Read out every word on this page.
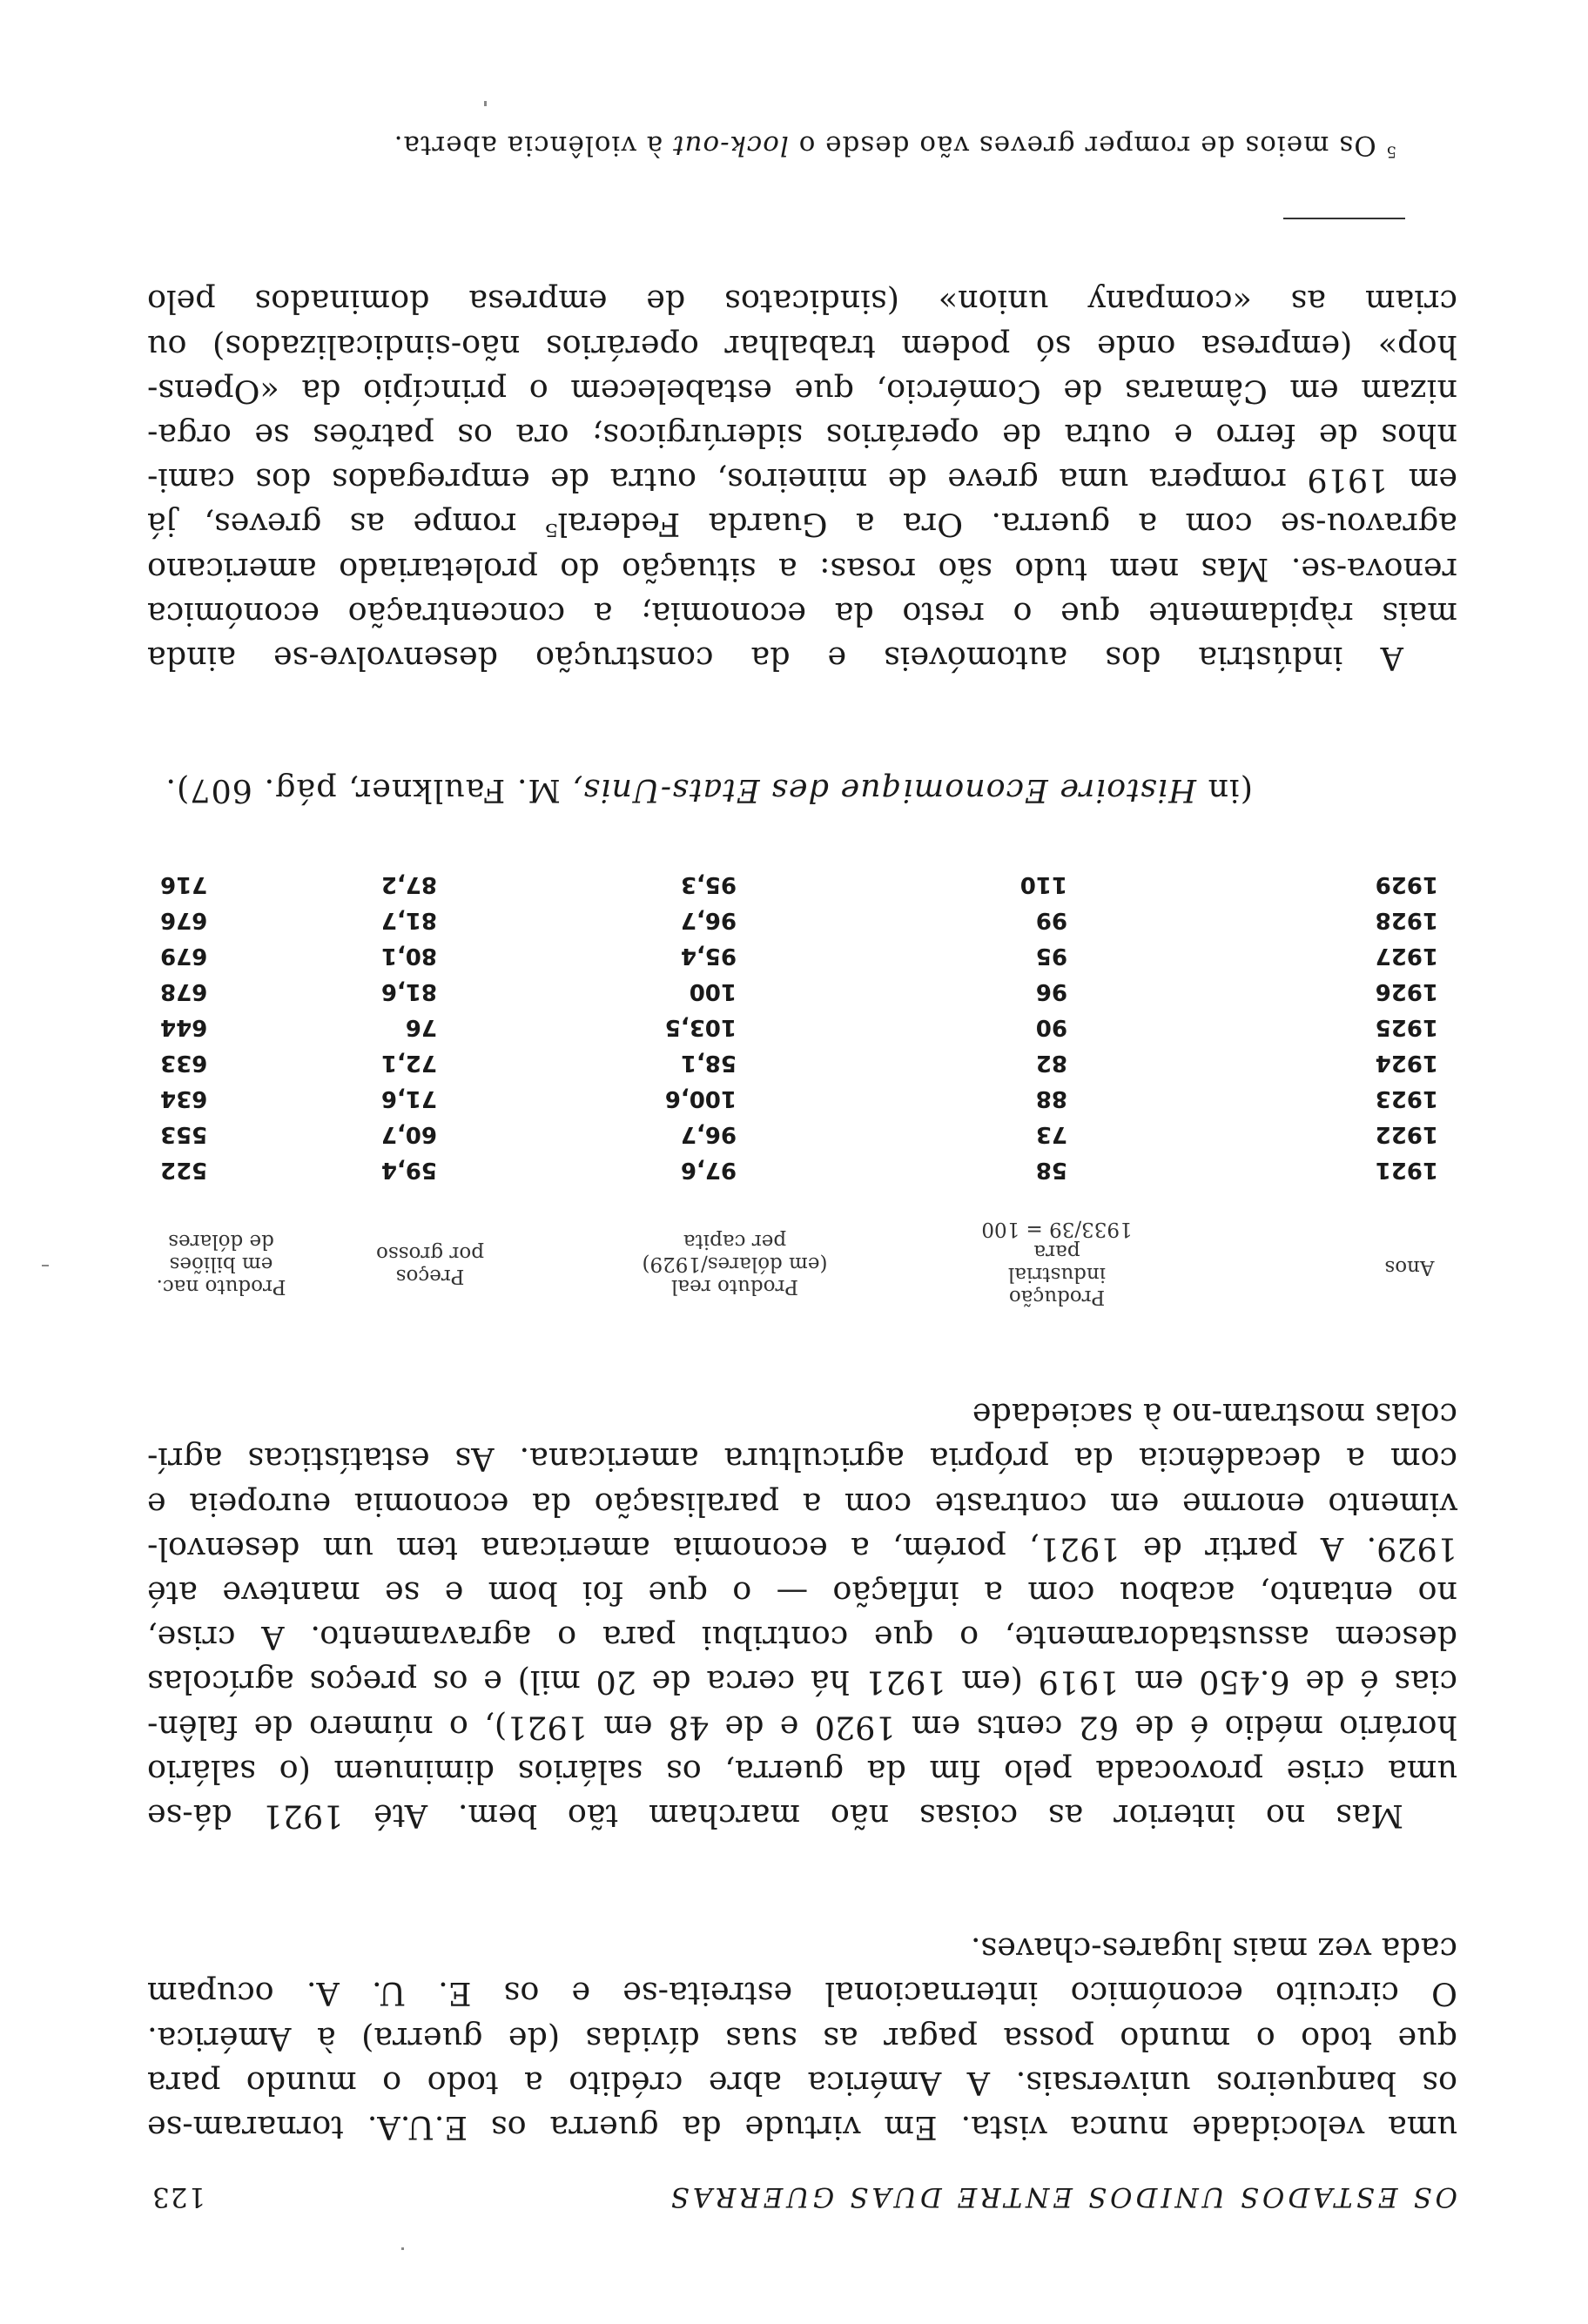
OS ESTADOS UNIDOS ENTRE DUAS GUERRAS
123
uma velocidade nunca vista. Em virtude da guerra os E.U.A. tornaram-se
os banqueiros universais. A América abre crédito a todo o mundo para
que todo o mundo possa pagar as suas dívidas (de guerra) à América.
O circuito económico internacional estreita-se e os E. U. A. ocupam
cada vez mais lugares-chaves.
Mas no interior as coisas não marcham tão bem. Até 1921 dá-se
uma crise provocada pelo fim da guerra, os salários diminuem (o salário
horário médio é de 62 cents em 1920 e de 48 em 1921), o número de falên-
cias é de 6.450 em 1919 (em 1921 há cerca de 20 mil) e os preços agrícolas
descem assustadoramente, o que contribui para o agravamento. A crise,
no entanto, acabou com a inflação — o que foi bom e se manteve até
1929. A partir de 1921, porém, a economia americana tem um desenvol-
vimento enorme em contraste com a paralisação da economia europeia e
com a decadência da própria agricultura americana. As estatísticas agrí-
colas mostram-no à saciedade
Anos
Produção
industrial
para
1933/39 = 100
Produto real
(em dólares/1929)
per capita
Preços
por grosso
Produto nac.
em biliões
de dólares
1921
58
97,6
59,4
522
1922
73
96,7
60,7
553
1923
88
100,6
71,6
634
1924
82
58,1
72,1
633
1925
90
103,5
76
644
1926
96
100
81,6
678
1927
95
95,4
80,1
679
1928
99
96,7
81,7
676
1929
110
95,3
87,2
716
(in Histoire Economique des Etats-Unis, M. Faulkner, pág. 607).
A indústria dos automóveis e da construção desenvolve-se ainda
mais ràpidamente que o resto da economia; a concentração económica
renova-se. Mas nem tudo são rosas: a situação do proletariado americano
agravou-se com a guerra. Ora a Guarda Federal⁵ rompe as greves, já
em 1919 rompera uma greve de mineiros, outra de empregados dos cami-
nhos de ferro e outra de operários siderúrgicos; ora os patrões se orga-
nizam em Câmaras de Comércio, que estabelecem o princípio da «Opens-
hop» (empresa onde só podem trabalhar operários não-sindicalizados) ou
criam as «company union» (sindicatos de empresa dominados pelo
$^5$ Os meios de romper greves vão desde o lock-out à violência aberta.
